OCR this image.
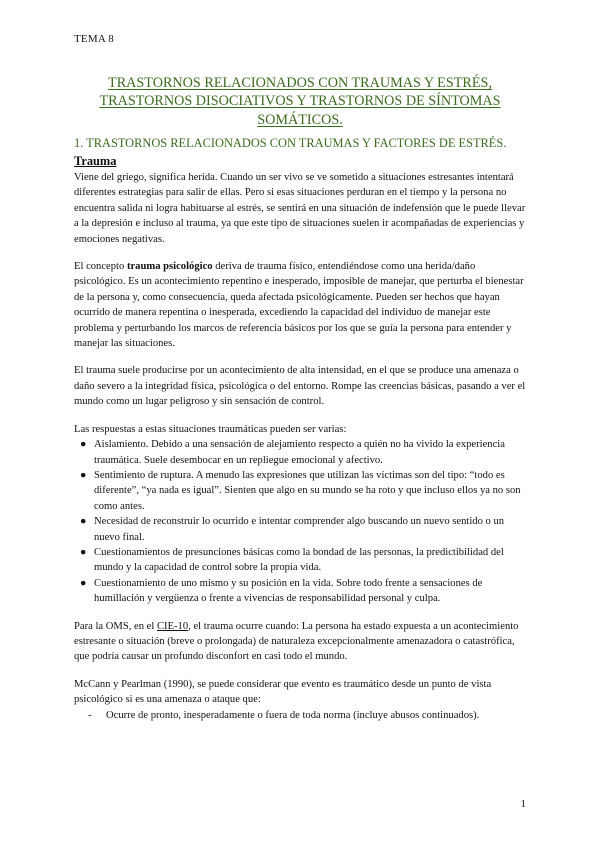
TEMA 8
TRASTORNOS RELACIONADOS CON TRAUMAS Y ESTRÉS,
TRASTORNOS DISOCIATIVOS Y TRASTORNOS DE SÍNTOMAS
SOMÁTICOS.
1. TRASTORNOS RELACIONADOS CON TRAUMAS Y FACTORES DE ESTRÉS.
Trauma

Viene del griego, significa herida. Cuando un ser vivo se ve sometido a situaciones estresantes intentará diferentes estrategias para salir de ellas. Pero si esas situaciones perduran en el tiempo y la persona no encuentra salida ni logra habituarse al estrés, se sentirá en una situación de indefensión que le puede llevar a la depresión e incluso al trauma, ya que este tipo de situaciones suelen ir acompañadas de experiencias y emociones negativas.

El concepto trauma psicológico deriva de trauma físico, entendiéndose como una herida/daño psicológico. Es un acontecimiento repentino e inesperado, imposible de manejar, que perturba el bienestar de la persona y, como consecuencia, queda afectada psicológicamente. Pueden ser hechos que hayan ocurrido de manera repentina o inesperada, excediendo la capacidad del individuo de manejar este problema y perturbando los marcos de referencia básicos por los que se guía la persona para entender y manejar las situaciones.

El trauma suele producirse por un acontecimiento de alta intensidad, en el que se produce una amenaza o daño severo a la integridad física, psicológica o del entorno. Rompe las creencias básicas, pasando a ver el mundo como un lugar peligroso y sin sensación de control.

Las respuestas a estas situaciones traumáticas pueden ser varias:

● Aislamiento. Debido a una sensación de alejamiento respecto a quién no ha vivido la experiencia traumática. Suele desembocar en un repliegue emocional y afectivo.
● Sentimiento de ruptura. A menudo las expresiones que utilizan las víctimas son del tipo: “todo es diferente”, “ya nada es igual”. Sienten que algo en su mundo se ha roto y que incluso ellos ya no son como antes.
● Necesidad de reconstruir lo ocurrido e intentar comprender algo buscando un nuevo sentido o un nuevo final.
● Cuestionamientos de presunciones básicas como la bondad de las personas, la predictibilidad del mundo y la capacidad de control sobre la propia vida.
● Cuestionamiento de uno mismo y su posición en la vida. Sobre todo frente a sensaciones de humillación y vergüenza o frente a vivencias de responsabilidad personal y culpa.

Para la OMS, en el CIE-10, el trauma ocurre cuando: La persona ha estado expuesta a un acontecimiento estresante o situación (breve o prolongada) de naturaleza excepcionalmente amenazadora o catastrófica, que podría causar un profundo disconfort en casi todo el mundo.

McCann y Pearlman (1990), se puede considerar que evento es traumático desde un punto de vista psicológico si es una amenaza o ataque que:

- Ocurre de pronto, inesperadamente o fuera de toda norma (incluye abusos continuados).
1
